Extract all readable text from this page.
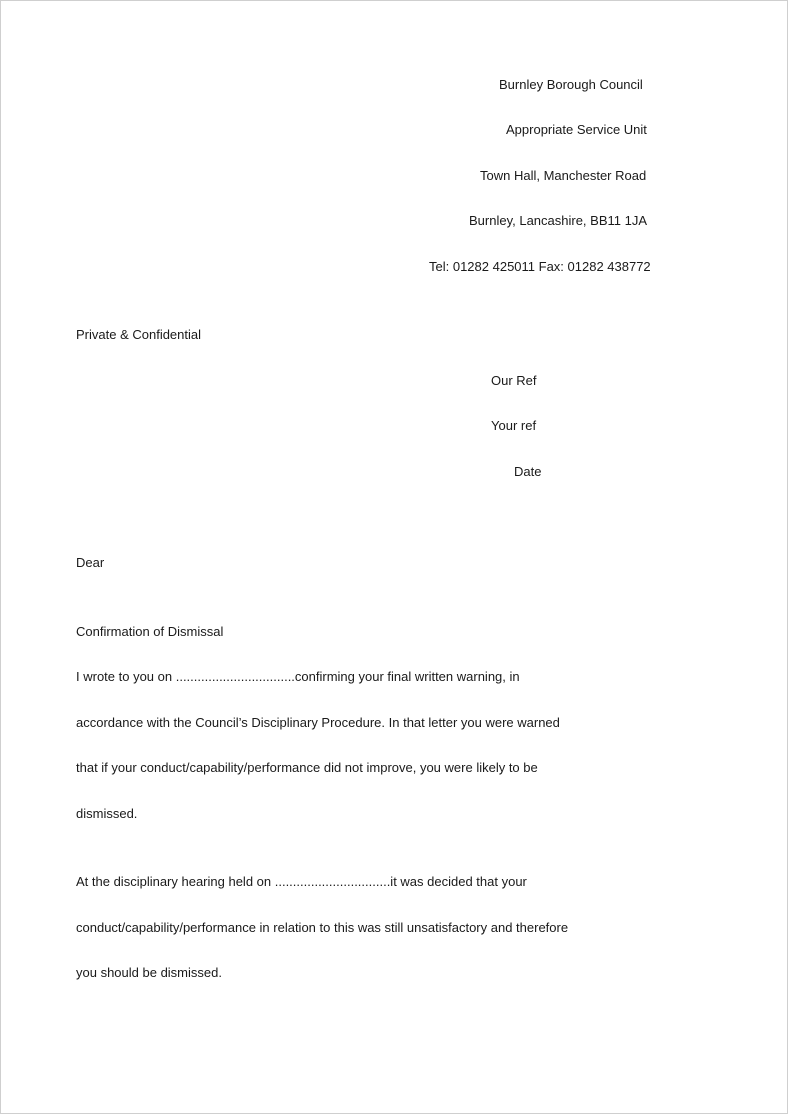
Burnley Borough Council
Appropriate Service Unit
Town Hall, Manchester Road
Burnley, Lancashire, BB11 1JA
Tel: 01282 425011 Fax: 01282 438772
Private & Confidential
Our Ref
Your ref
Date
Dear
Confirmation of Dismissal
I wrote to you on .................................confirming your final written warning, in
accordance with the Council’s Disciplinary Procedure. In that letter you were warned
that if your conduct/capability/performance did not improve, you were likely to be
dismissed.
At the disciplinary hearing held on ................................it was decided that your
conduct/capability/performance in relation to this was still unsatisfactory and therefore
you should be dismissed.
